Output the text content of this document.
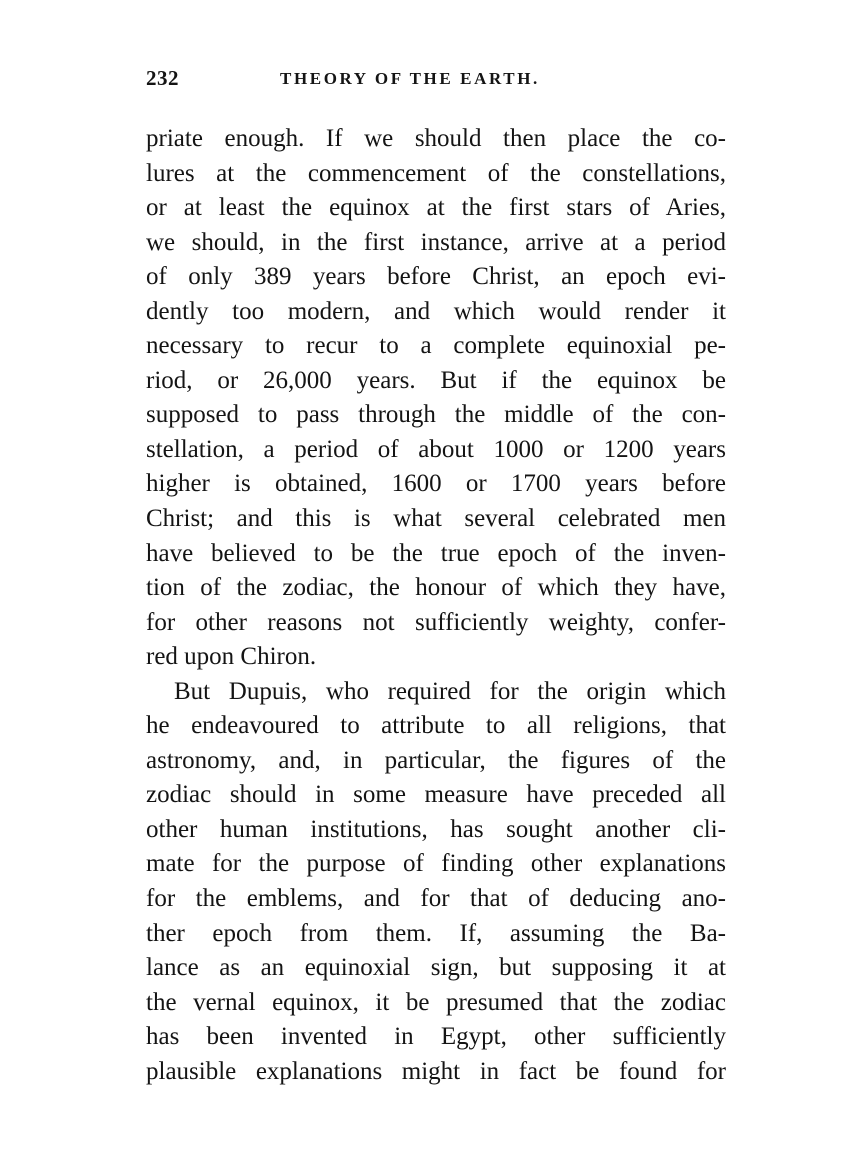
232	THEORY OF THE EARTH.
priate enough. If we should then place the co-
lures at the commencement of the constellations,
or at least the equinox at the first stars of Aries,
we should, in the first instance, arrive at a period
of only 389 years before Christ, an epoch evi-
dently too modern, and which would render it
necessary to recur to a complete equinoxial pe-
riod, or 26,000 years. But if the equinox be
supposed to pass through the middle of the con-
stellation, a period of about 1000 or 1200 years
higher is obtained, 1600 or 1700 years before
Christ; and this is what several celebrated men
have believed to be the true epoch of the inven-
tion of the zodiac, the honour of which they have,
for other reasons not sufficiently weighty, confer-
red upon Chiron.
But Dupuis, who required for the origin which
he endeavoured to attribute to all religions, that
astronomy, and, in particular, the figures of the
zodiac should in some measure have preceded all
other human institutions, has sought another cli-
mate for the purpose of finding other explanations
for the emblems, and for that of deducing ano-
ther epoch from them. If, assuming the Ba-
lance as an equinoxial sign, but supposing it at
the vernal equinox, it be presumed that the zodiac
has been invented in Egypt, other sufficiently
plausible explanations might in fact be found for
